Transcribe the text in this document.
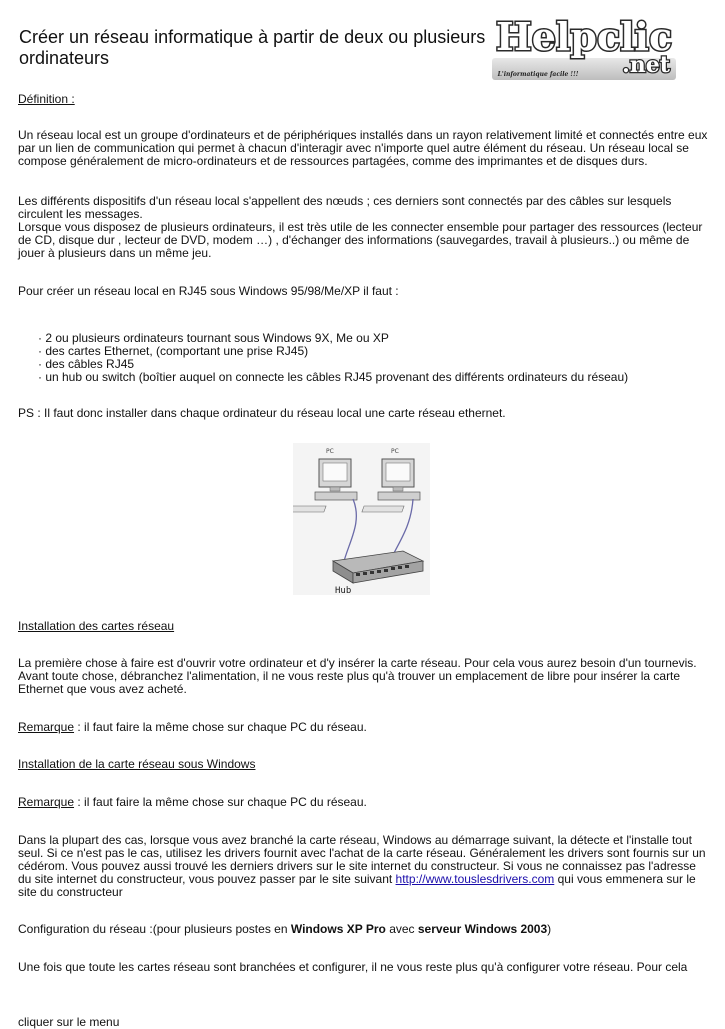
Créer un réseau informatique à partir de deux ou plusieurs
ordinateurs	Helpclic
.net
L'informatique facile !!!

Définition :

Un réseau local est un groupe d'ordinateurs et de périphériques installés dans un rayon relativement limité et connectés entre eux par un lien de communication qui permet à chacun d'interagir avec n'importe quel autre élément du réseau. Un réseau local se compose généralement de micro-ordinateurs et de ressources partagées, comme des imprimantes et de disques durs.

Les différents dispositifs d'un réseau local s'appellent des nœuds ; ces derniers sont connectés par des câbles sur lesquels circulent les messages.

Lorsque vous disposez de plusieurs ordinateurs, il est très utile de les connecter ensemble pour partager des ressources (lecteur de CD, disque dur , lecteur de DVD, modem …) , d'échanger des informations (sauvegardes, travail à plusieurs..) ou même de jouer à plusieurs dans un même jeu.

Pour créer un réseau local en RJ45 sous Windows 95/98/Me/XP il faut :

· 2 ou plusieurs ordinateurs tournant sous Windows 9X, Me ou XP
· des cartes Ethernet, (comportant une prise RJ45)
· des câbles RJ45
· un hub ou switch (boîtier auquel on connecte les câbles RJ45 provenant des différents ordinateurs du réseau)

PS : Il faut donc installer dans chaque ordinateur du réseau local une carte réseau ethernet.

PC	PC
Hub

Installation des cartes réseau

La première chose à faire est d'ouvrir votre ordinateur et d'y insérer la carte réseau. Pour cela vous aurez besoin d'un tournevis. Avant toute chose, débranchez l'alimentation, il ne vous reste plus qu'à trouver un emplacement de libre pour insérer la carte Ethernet que vous avez acheté.

Remarque : il faut faire la même chose sur chaque PC du réseau.

Installation de la carte réseau sous Windows

Remarque : il faut faire la même chose sur chaque PC du réseau.

Dans la plupart des cas, lorsque vous avez branché la carte réseau, Windows au démarrage suivant, la détecte et l'installe tout seul. Si ce n'est pas le cas, utilisez les drivers fournit avec l'achat de la carte réseau. Généralement les drivers sont fournis sur un cédérom. Vous pouvez aussi trouvé les derniers drivers sur le site internet du constructeur. Si vous ne connaissez pas l'adresse du site internet du constructeur, vous pouvez passer par le site suivant http://www.touslesdrivers.com qui vous emmenera sur le site du constructeur

Configuration du réseau :(pour plusieurs postes en Windows XP Pro avec serveur Windows 2003)

Une fois que toute les cartes réseau sont branchées et configurer, il ne vous reste plus qu'à configurer votre réseau. Pour cela

cliquer sur le menu
